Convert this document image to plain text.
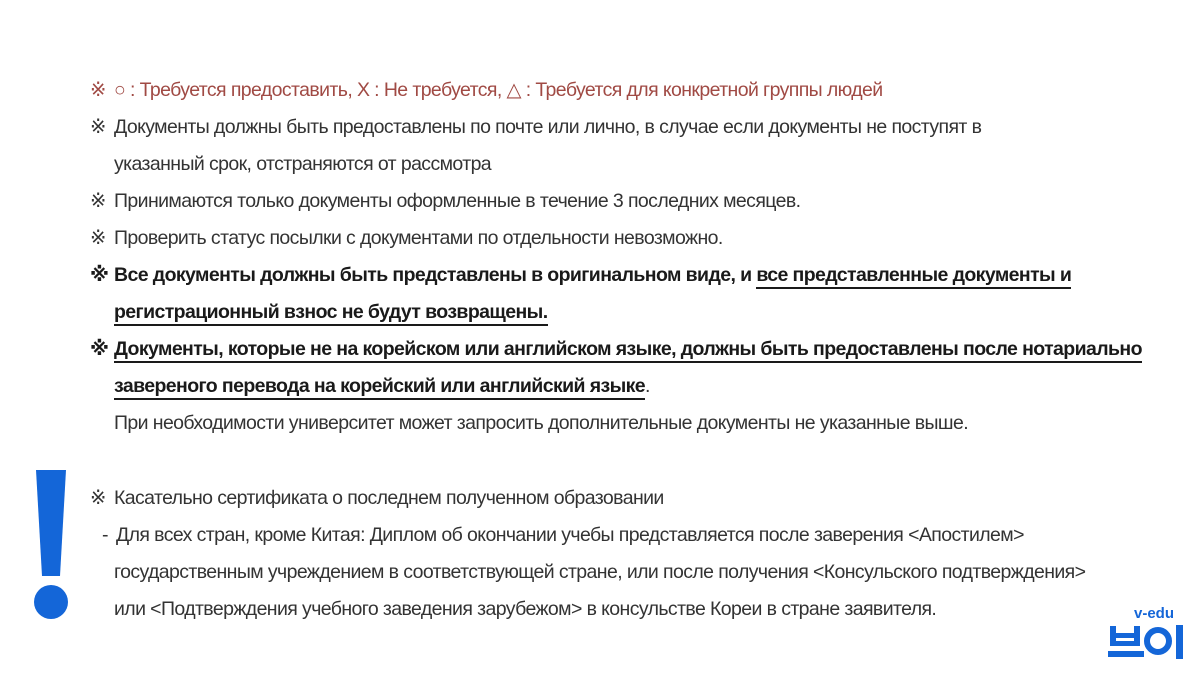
※ ○ : Требуется предоставить, X : Не требуется, △ : Требуется для конкретной группы людей
※ Документы должны быть предоставлены по почте или лично, в случае если документы не поступят в
указанный срок, отстраняются от рассмотра
※ Принимаются только документы оформленные в течение 3 последних месяцев.
※ Проверить статус посылки с документами по отдельности невозможно.
※ Все документы должны быть представлены в оригинальном виде, и все представленные документы и
регистрационный взнос не будут возвращены.
※ Документы, которые не на корейском или английском языке, должны быть предоставлены после нотариально
завереного перевода на корейский или английский языке.
При необходимости университет может запросить дополнительные документы не указанные выше.
※ Касательно сертификата о последнем полученном образовании
- Для всех стран, кроме Китая: Диплом об окончании учебы представляется после заверения <Апостилем>
государственным учреждением в соответствующей стране, или после получения <Консульского подтверждения>
или <Подтверждения учебного заведения зарубежом> в консульстве Кореи в стране заявителя.	v-edu
